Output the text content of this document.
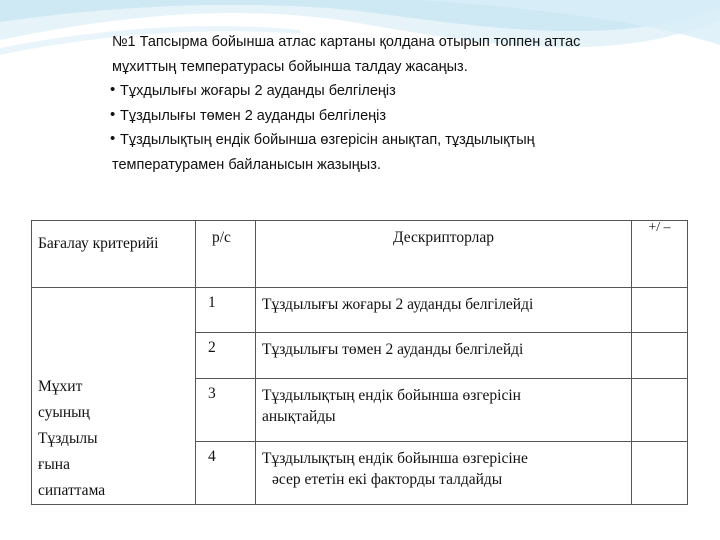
№1 Тапсырма бойынша атлас картаны қолдана отырып топпен аттас

мұхиттың температурасы бойынша талдау жасаңыз.

• Тұхдылығы жоғары 2 ауданды белгілеңіз

• Тұздылығы төмен 2 ауданды белгілеңіз

• Тұздылықтың ендік бойынша өзгерісін анықтап, тұздылықтың

температурамен байланысын жазыңыз.

Бағалау критерийі	р/с	Дескрипторлар	+/ –

Мұхит
суының
Тұздылы
ғына
сипаттама	1	Тұздылығы жоғары 2 ауданды белгілейді	

	2	Тұздылығы төмен 2 ауданды белгілейді	

	3	Тұздылықтың ендік бойынша өзгерісін
анықтайды	

	4	Тұздылықтың ендік бойынша өзгерісіне
әсер ететін екі факторды талдайды	
